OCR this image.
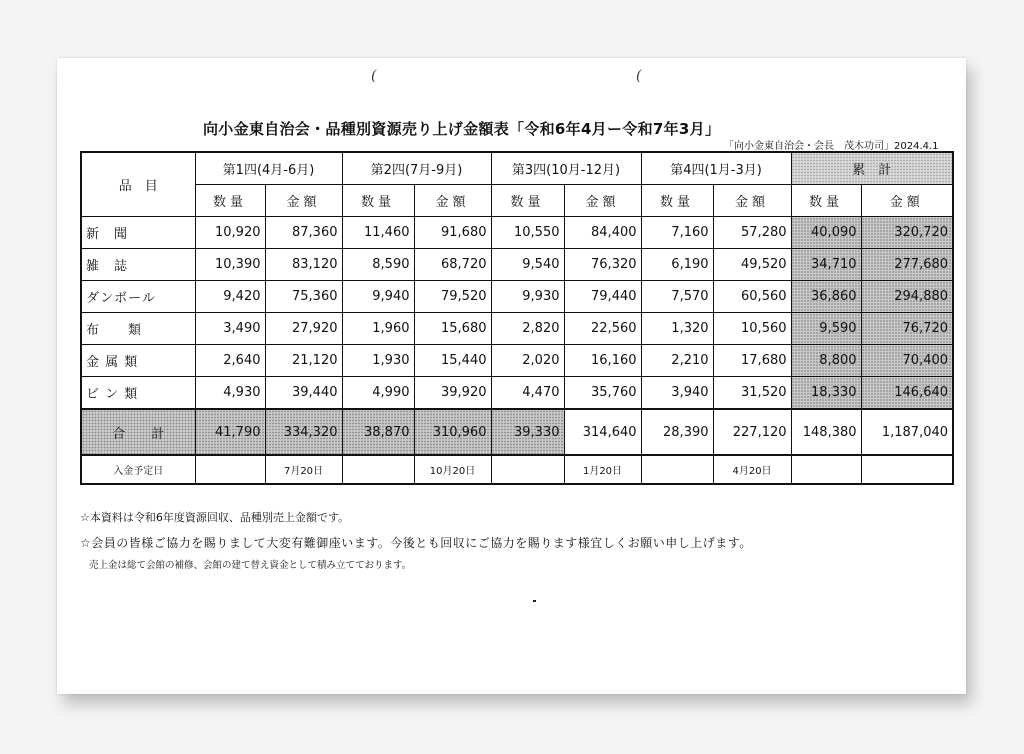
(	(
向小金東自治会・品種別資源売り上げ金額表「令和6年4月ー令和7年3月」
「向小金東自治会・会長　茂木功司」2024.4.1
品　目	第1四(4月-6月)		第2四(7月-9月)		第3四(10月-12月)		第4四(1月-3月)		累　計	
	数量	金額	数量	金額	数量	金額	数量	金額	数量	金額
新　聞	10,920	87,360	11,460	91,680	10,550	84,400	7,160	57,280	40,090	320,720
雑　誌	10,390	83,120	8,590	68,720	9,540	76,320	6,190	49,520	34,710	277,680
ダンボール	9,420	75,360	9,940	79,520	9,930	79,440	7,570	60,560	36,860	294,880
布　　類	3,490	27,920	1,960	15,680	2,820	22,560	1,320	10,560	9,590	76,720
金 属 類	2,640	21,120	1,930	15,440	2,020	16,160	2,210	17,680	8,800	70,400
ビ ン 類	4,930	39,440	4,990	39,920	4,470	35,760	3,940	31,520	18,330	146,640
合　　計	41,790	334,320	38,870	310,960	39,330	314,640	28,390	227,120	148,380	1,187,040
入金予定日		7月20日		10月20日		1月20日		4月20日		
☆本資料は令和6年度資源回収、品種別売上金額です。
☆会員の皆様ご協力を賜りまして大変有難御座います。今後とも回収にご協力を賜ります様宜しくお願い申し上げます。
売上金は総て会館の補修、会館の建て替え資金として積み立てております。
